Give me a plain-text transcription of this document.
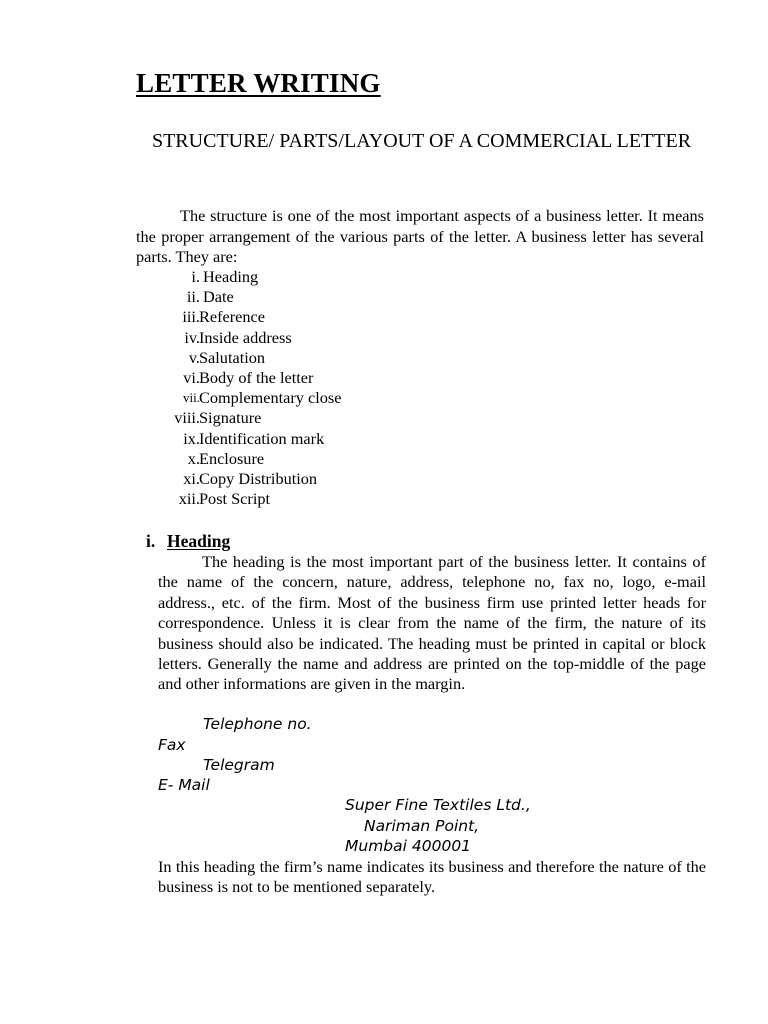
LETTER WRITING

STRUCTURE/ PARTS/LAYOUT OF A COMMERCIAL LETTER

The structure is one of the most important aspects of a business letter. It means the proper arrangement of the various parts of the letter. A business letter has several parts. They are:

i. Heading
ii. Date
iii. Reference
iv. Inside address
v. Salutation
vi. Body of the letter
vii. Complementary close
viii. Signature
ix. Identification mark
x. Enclosure
xi. Copy Distribution
xii. Post Script
i. Heading

The heading is the most important part of the business letter. It contains of the name of the concern, nature, address, telephone no, fax no, logo, e-mail address., etc. of the firm. Most of the business firm use printed letter heads for correspondence. Unless it is clear from the name of the firm, the nature of its business should also be indicated. The heading must be printed in capital or block letters. Generally the name and address are printed on the top-middle of the page and other informations are given in the margin.

Telephone no.
Fax
Telegram
E- Mail
Super Fine Textiles Ltd.,
Nariman Point,
Mumbai 400001

In this heading the firm’s name indicates its business and therefore the nature of the business is not to be mentioned separately.
